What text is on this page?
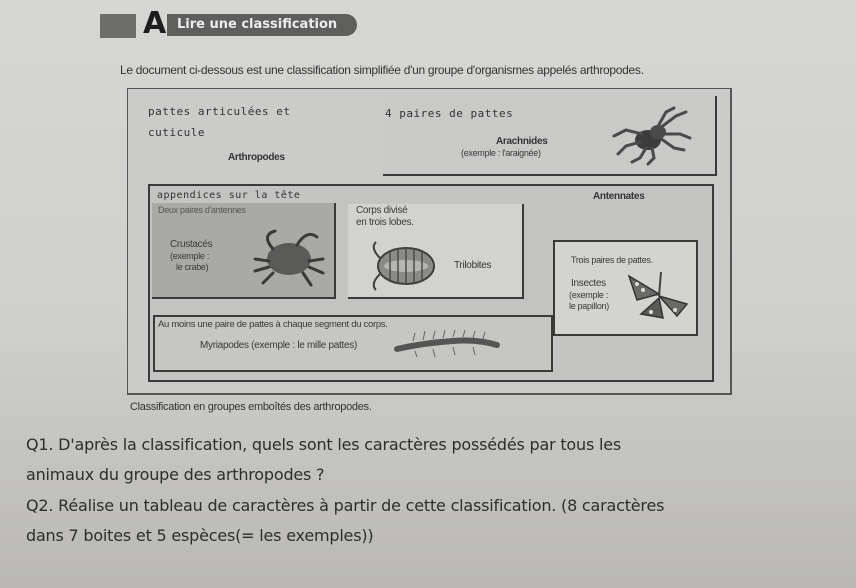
A Lire une classification
Le document ci-dessous est une classification simplifiée d'un groupe d'organismes appelés arthropodes.
pattes articulées et
cuticule
Arthropodes
4 paires de pattes
Arachnides
(exemple : l'araignée)
appendices sur la tête	Antennates
Deux paires d'antennes
Crustacés
(exemple :
le crabe)
Corps divisé
en trois lobes.
Trilobites	Trois paires de pattes.
Insectes
(exemple :
le papillon)
Au moins une paire de pattes à chaque segment du corps.
Myriapodes (exemple : le mille pattes)
Classification en groupes emboîtés des arthropodes.
Q1. D'après la classification, quels sont les caractères possédés par tous les
animaux du groupe des arthropodes ?
Q2. Réalise un tableau de caractères à partir de cette classification. (8 caractères
dans 7 boites et 5 espèces(= les exemples))
